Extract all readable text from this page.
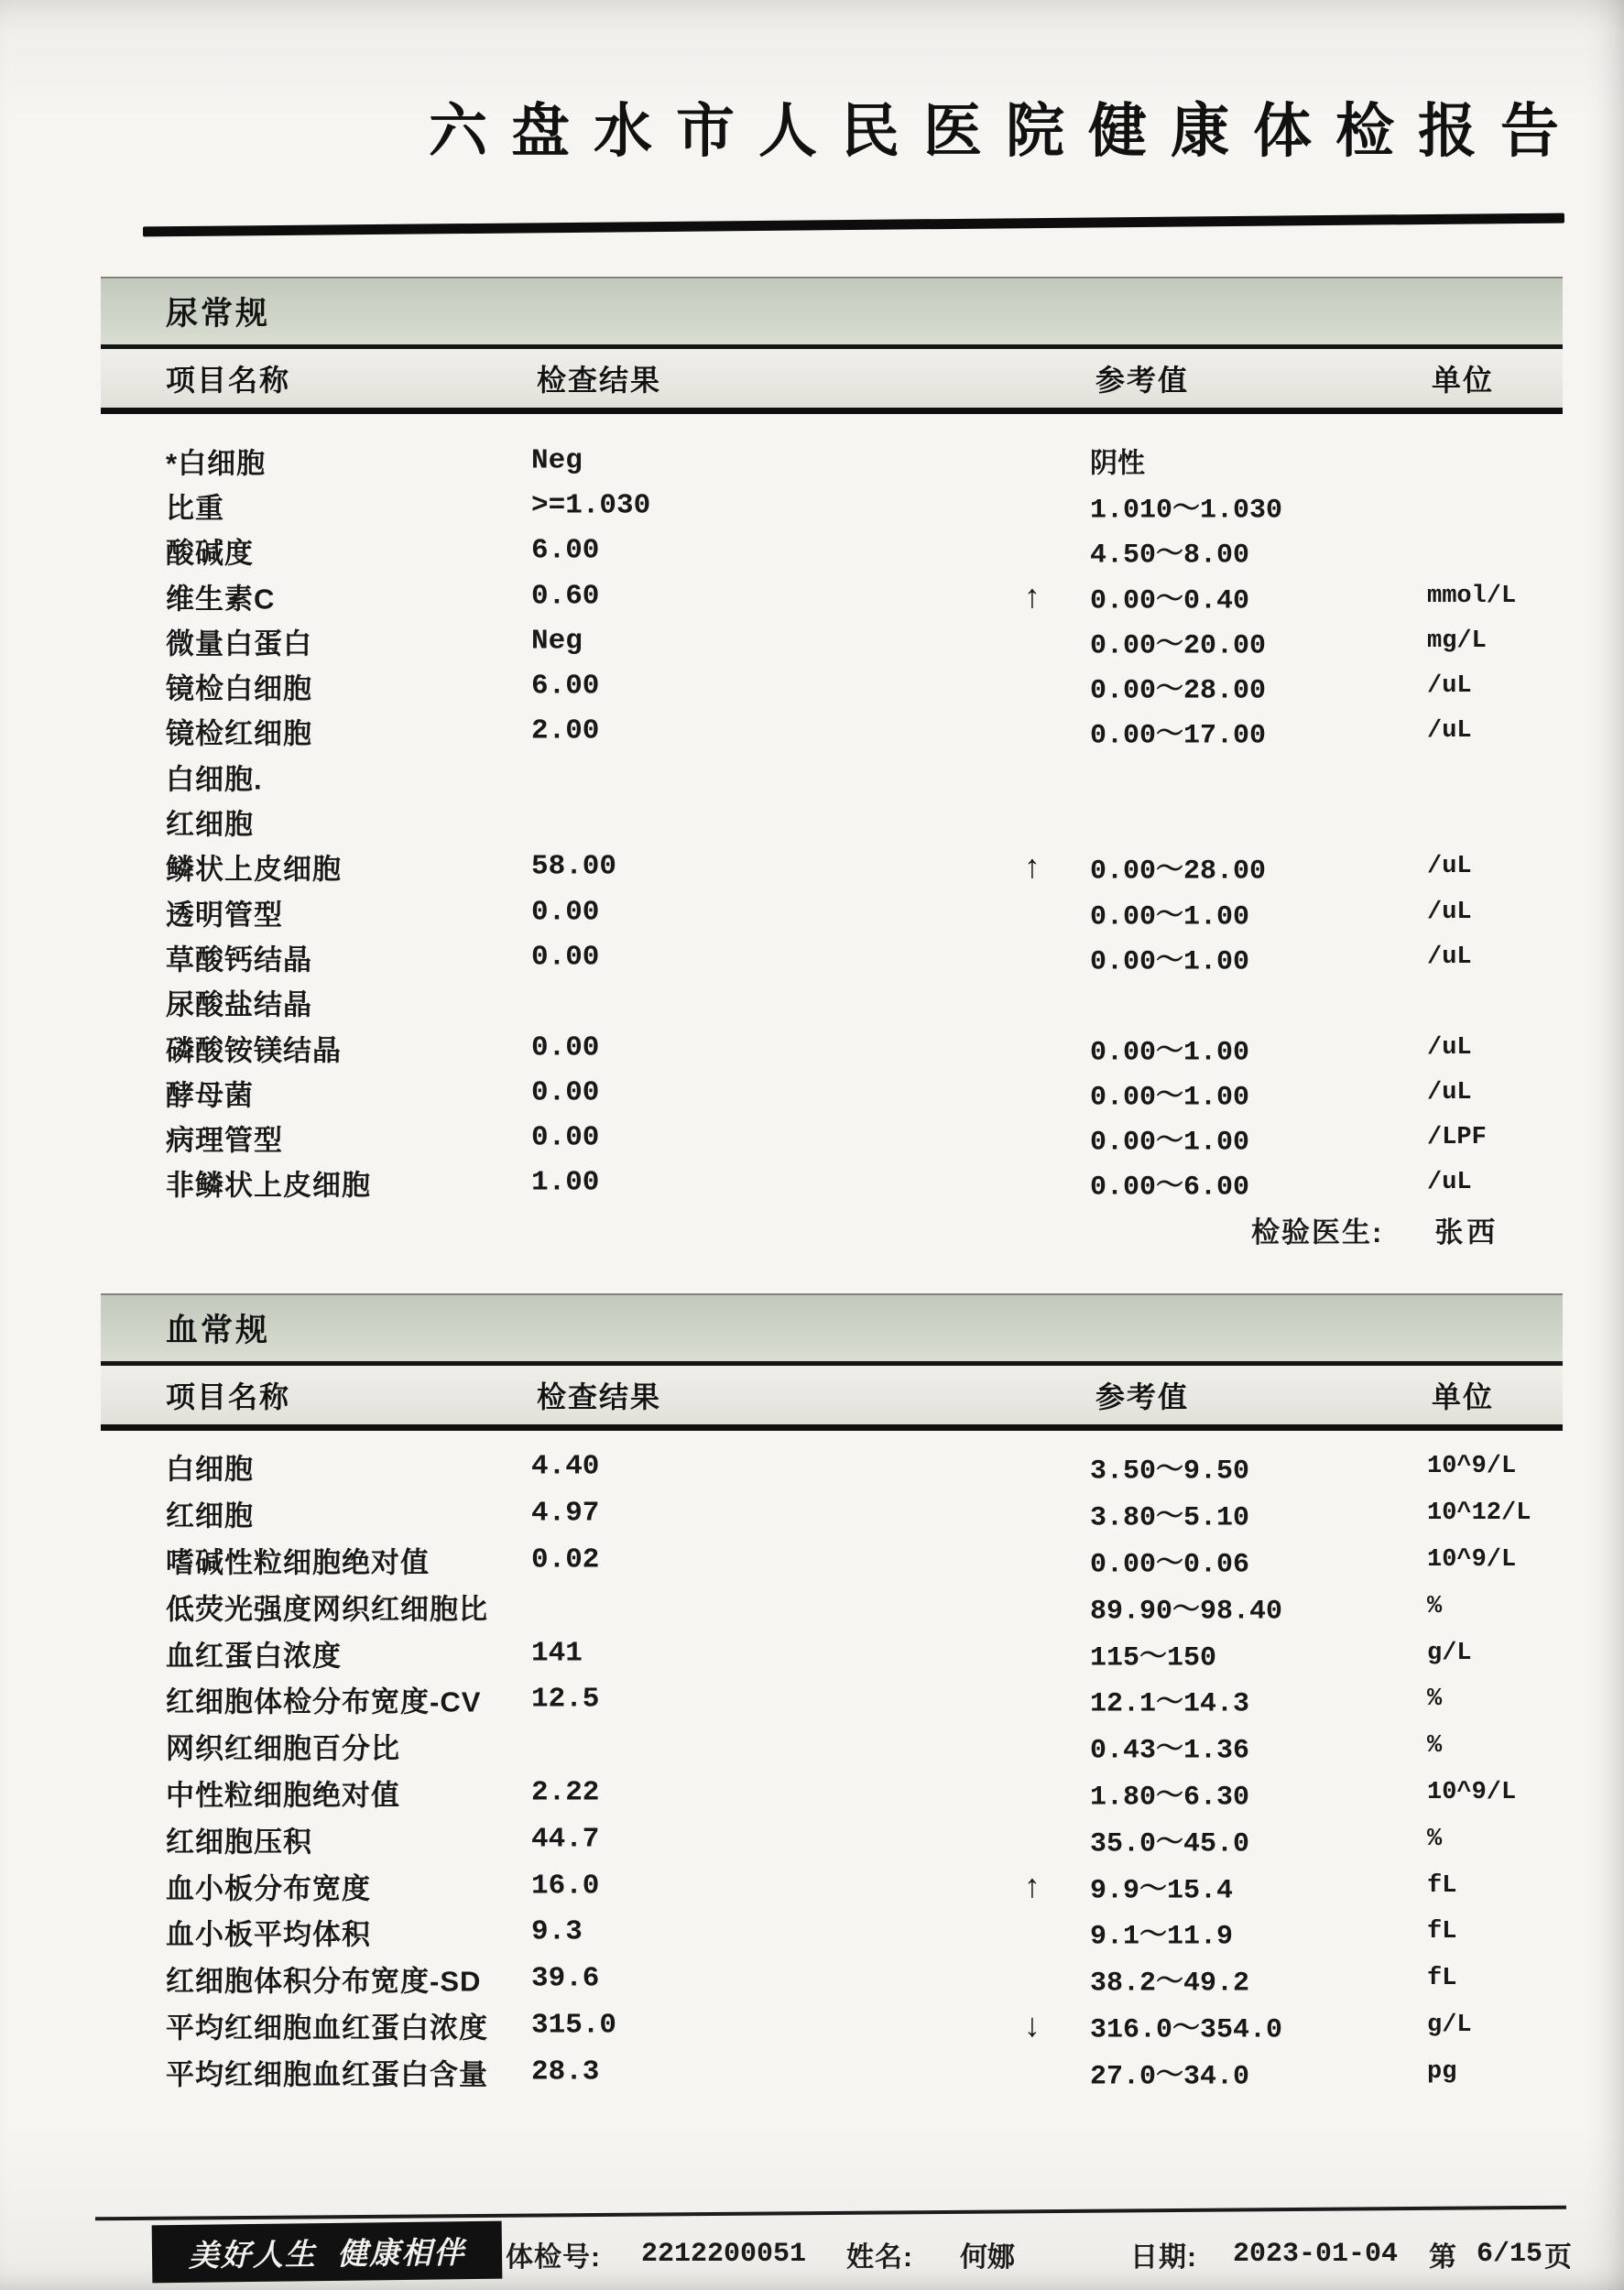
六盘水市人民医院健康体检报告
尿常规
项目名称	检查结果	参考值	单位
*白细胞	Neg	阴性
比重	>=1.030	1.010～1.030
酸碱度	6.00	4.50～8.00
维生素C	0.60	↑	0.00～0.40	mmol/L
微量白蛋白	Neg	0.00～20.00	mg/L
镜检白细胞	6.00	0.00～28.00	/uL
镜检红细胞	2.00	0.00～17.00	/uL
白细胞.
红细胞
鳞状上皮细胞	58.00	↑	0.00～28.00	/uL
透明管型	0.00	0.00～1.00	/uL
草酸钙结晶	0.00	0.00～1.00	/uL
尿酸盐结晶
磷酸铵镁结晶	0.00	0.00～1.00	/uL
酵母菌	0.00	0.00～1.00	/uL
病理管型	0.00	0.00～1.00	/LPF
非鳞状上皮细胞	1.00	0.00～6.00	/uL
检验医生: 张西
血常规
项目名称	检查结果	参考值	单位
白细胞	4.40	3.50～9.50	10^9/L
红细胞	4.97	3.80～5.10	10^12/L
嗜碱性粒细胞绝对值	0.02	0.00～0.06	10^9/L
低荧光强度网织红细胞比	89.90～98.40	%
血红蛋白浓度	141	115～150	g/L
红细胞体检分布宽度-CV 12.5	12.1～14.3	%
网织红细胞百分比	0.43～1.36	%
中性粒细胞绝对值	2.22	1.80～6.30	10^9/L
红细胞压积	44.7	35.0～45.0	%
血小板分布宽度	16.0	↑	9.9～15.4	fL
血小板平均体积	9.3	9.1～11.9	fL
红细胞体积分布宽度-SD 39.6	38.2～49.2	fL
平均红细胞血红蛋白浓度 315.0	↓	316.0～354.0	g/L
平均红细胞血红蛋白含量 28.3	27.0～34.0	pg
美好人生  健康相伴 体检号: 2212200051 姓名: 何娜	日期: 2023-01-04 第 6/15 页
